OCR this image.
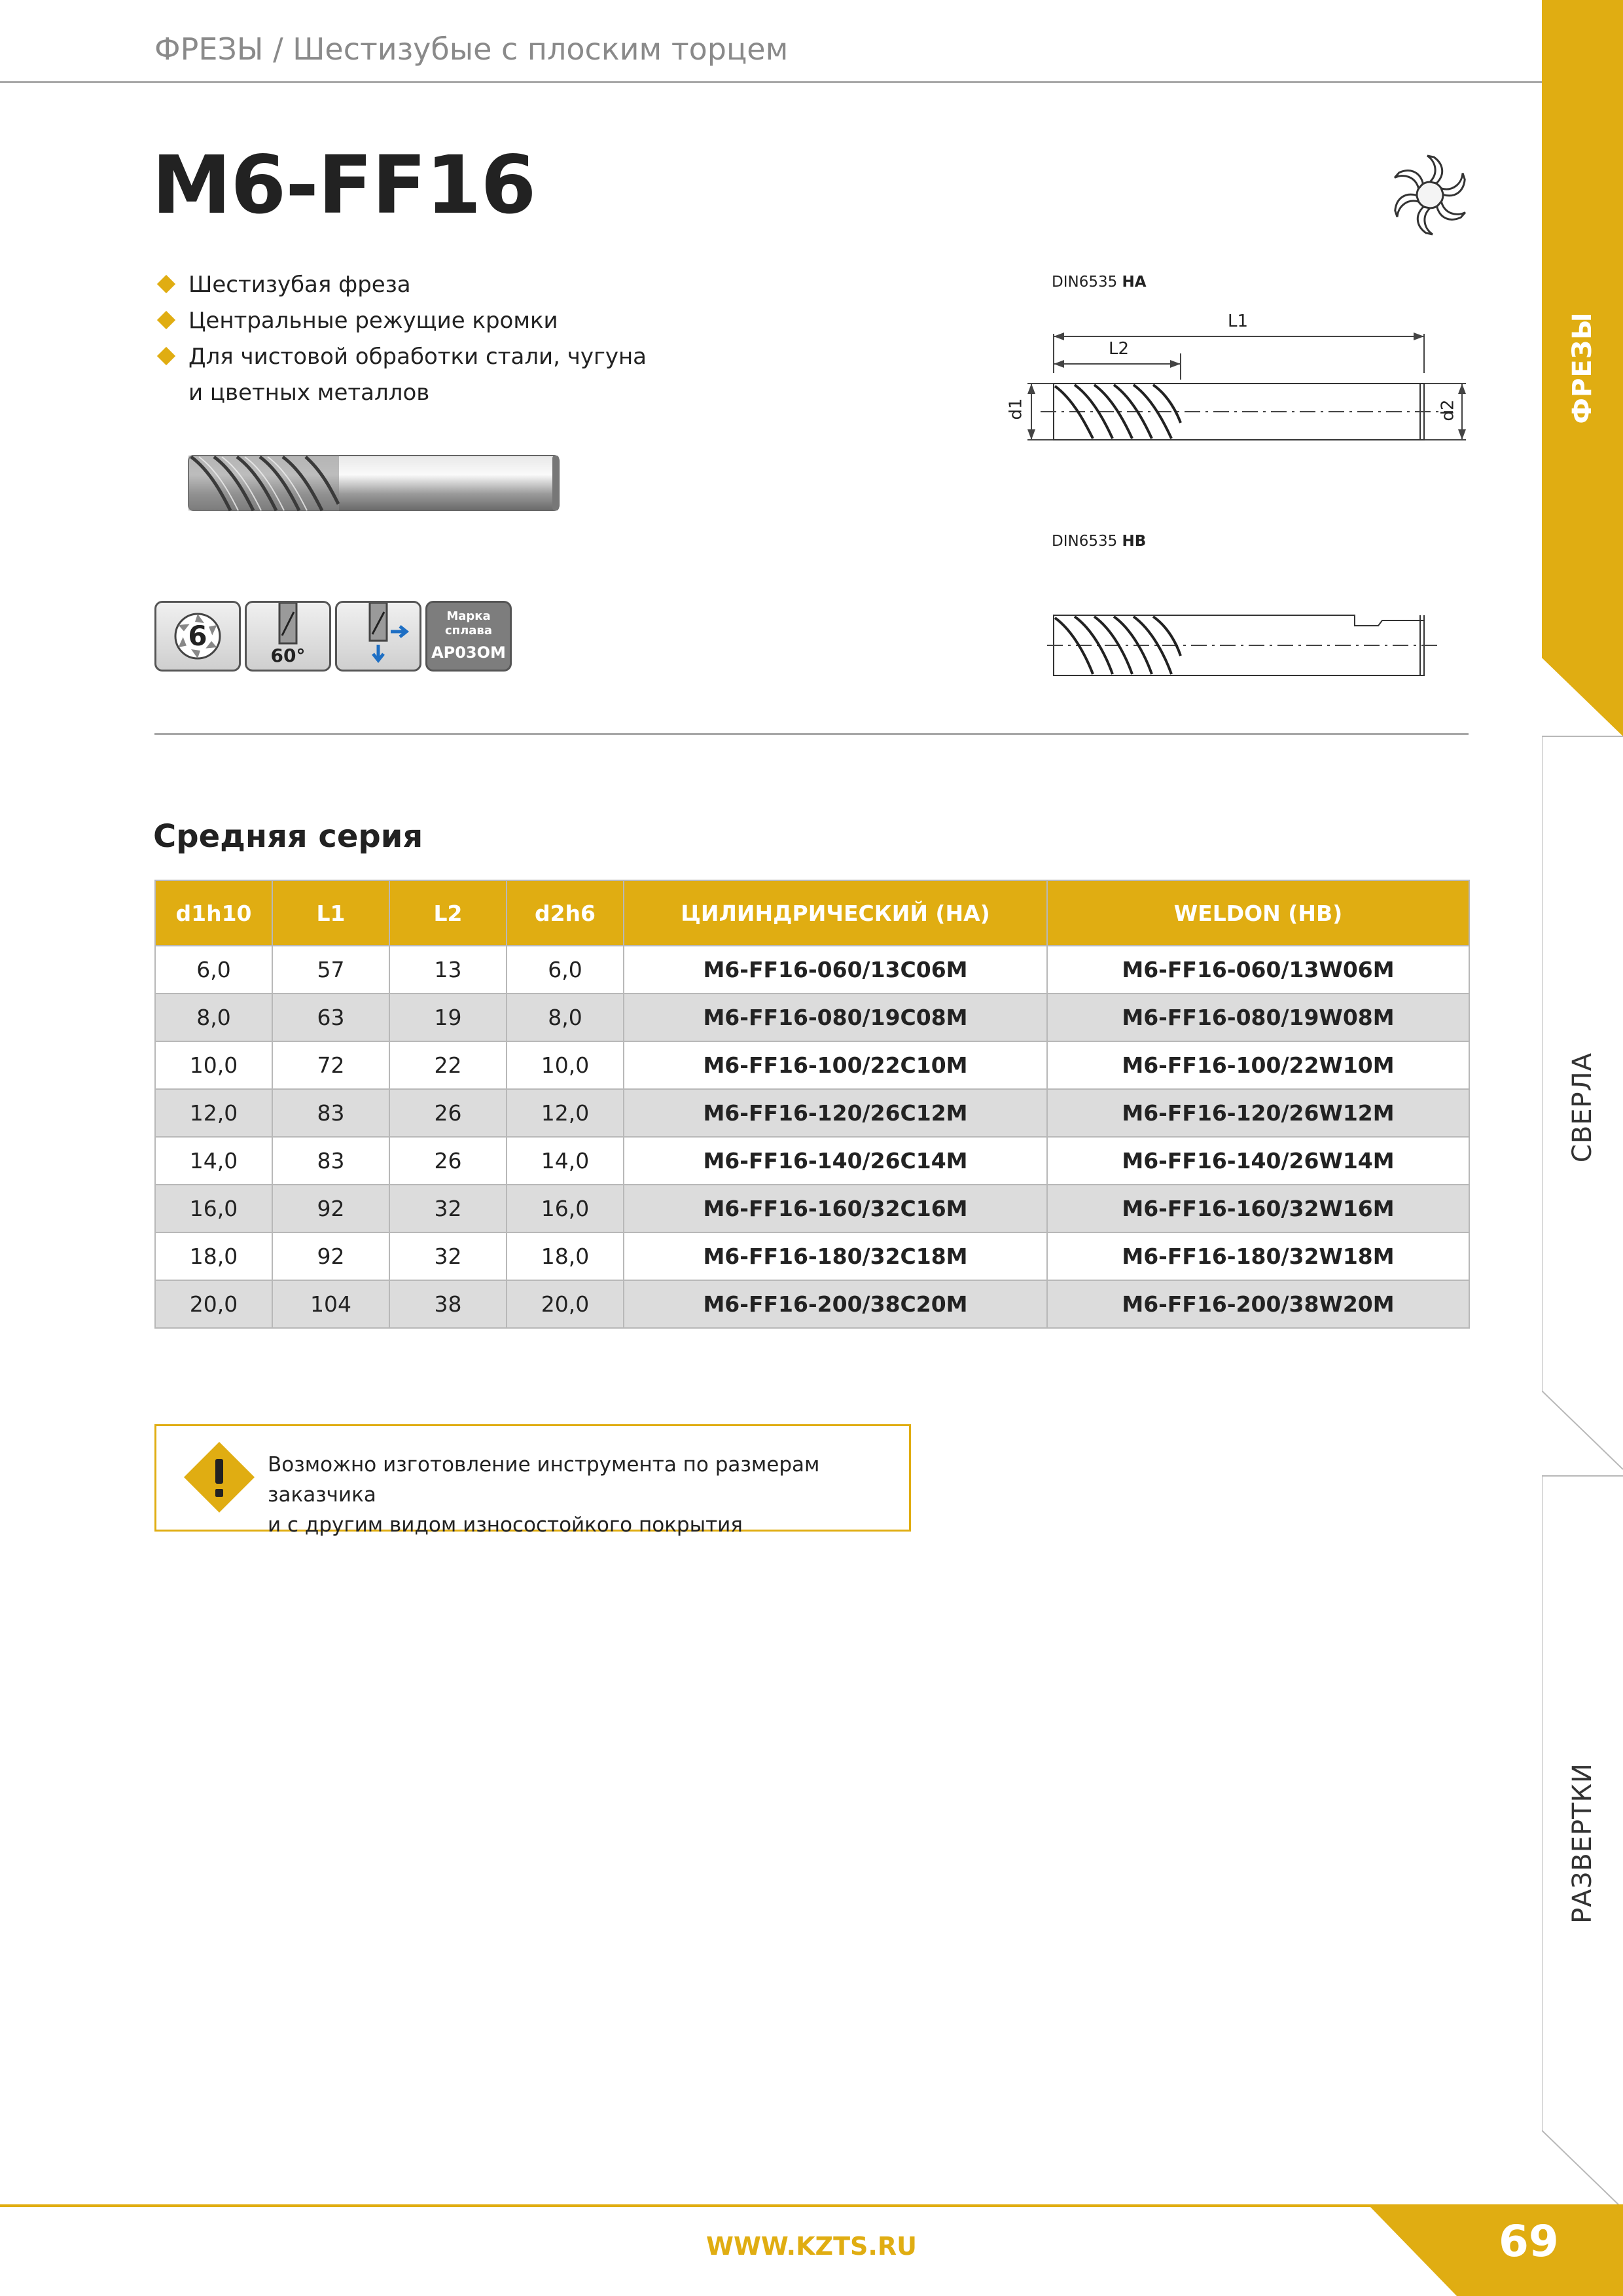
ФРЕЗЫ / Шестизубые с плоским торцем
ФРЕЗЫ
СВЕРЛА
РАЗВЕРТКИ
M6-FF16
Шестизубая фреза
Центральные режущие кромки
Для чистовой обработки стали, чугуна
и цветных металлов
6
60°
Марка
сплава
AP03OM
DIN6535 HA
L1
L2
d1	d2
DIN6535 HB
Средняя серия
d1h10	L1	L2	d2h6	ЦИЛИНДРИЧЕСКИЙ (HA)	WELDON (HB)
6,0	57	13	6,0	M6-FF16-060/13C06M	M6-FF16-060/13W06M
8,0	63	19	8,0	M6-FF16-080/19C08M	M6-FF16-080/19W08M
10,0	72	22	10,0	M6-FF16-100/22C10M	M6-FF16-100/22W10M
12,0	83	26	12,0	M6-FF16-120/26C12M	M6-FF16-120/26W12M
14,0	83	26	14,0	M6-FF16-140/26C14M	M6-FF16-140/26W14M
16,0	92	32	16,0	M6-FF16-160/32C16M	M6-FF16-160/32W16M
18,0	92	32	18,0	M6-FF16-180/32C18M	M6-FF16-180/32W18M
20,0	104	38	20,0	M6-FF16-200/38C20M	M6-FF16-200/38W20M
Возможно изготовление инструмента по размерам заказчика
и с другим видом износостойкого покрытия
WWW.KZTS.RU	69
